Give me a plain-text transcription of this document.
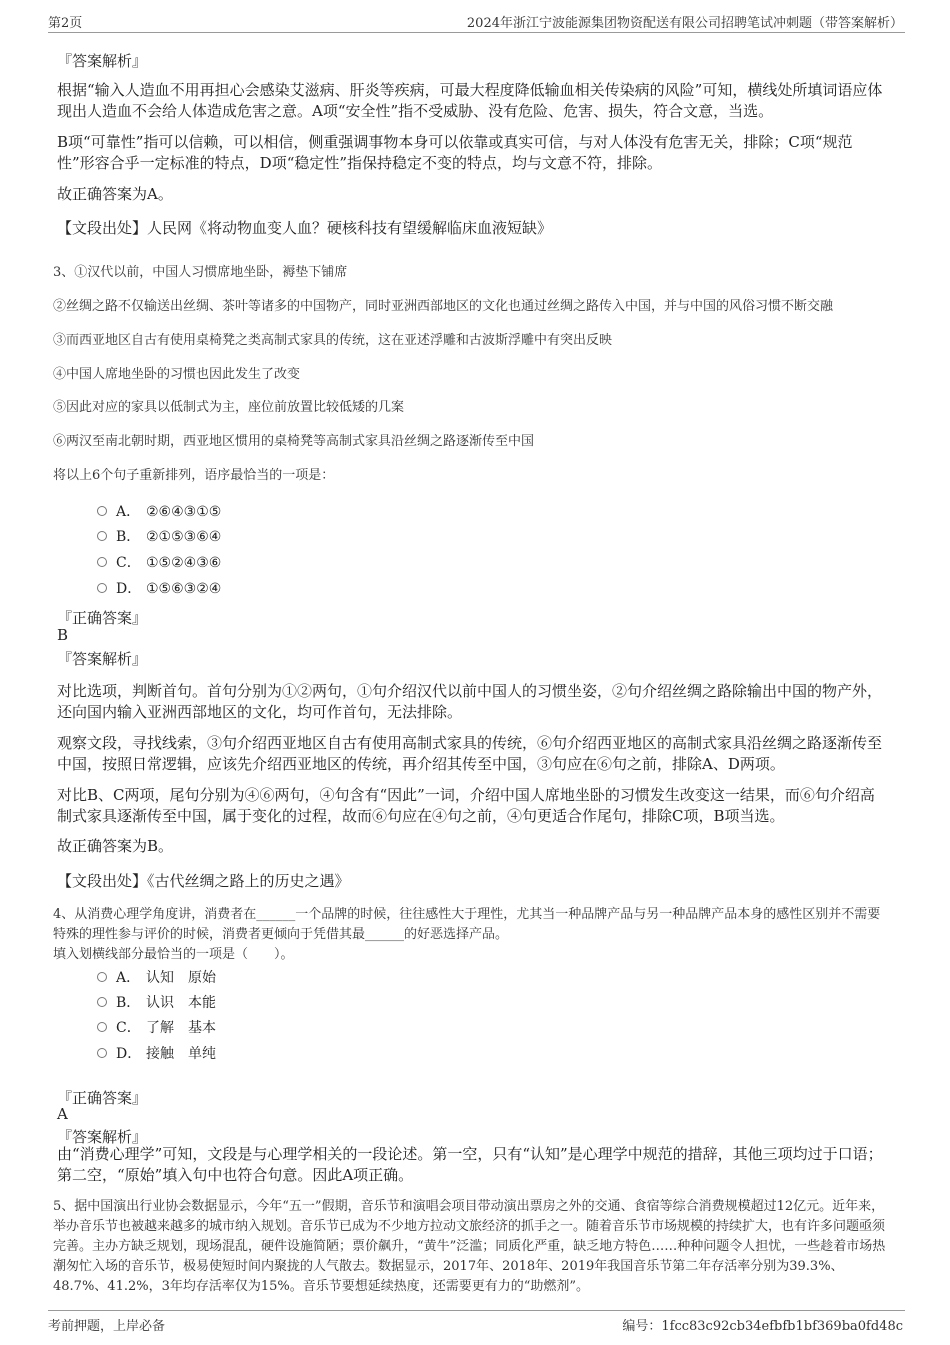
第2页	2024年浙江宁波能源集团物资配送有限公司招聘笔试冲刺题（带答案解析）
『答案解析』
根据“输入人造血不用再担心会感染艾滋病、肝炎等疾病，可最大程度降低输血相关传染病的风险”可知，横线处所填词语应体现出人造血不会给人体造成危害之意。A项“安全性”指不受威胁、没有危险、危害、损失，符合文意，当选。
B项“可靠性”指可以信赖，可以相信，侧重强调事物本身可以依靠或真实可信，与对人体没有危害无关，排除；C项“规范性”形容合乎一定标准的特点，D项“稳定性”指保持稳定不变的特点，均与文意不符，排除。
故正确答案为A。
【文段出处】人民网《将动物血变人血？硬核科技有望缓解临床血液短缺》
3、①汉代以前，中国人习惯席地坐卧，褥垫下铺席
②丝绸之路不仅输送出丝绸、茶叶等诸多的中国物产，同时亚洲西部地区的文化也通过丝绸之路传入中国，并与中国的风俗习惯不断交融
③而西亚地区自古有使用桌椅凳之类高制式家具的传统，这在亚述浮雕和古波斯浮雕中有突出反映
④中国人席地坐卧的习惯也因此发生了改变
⑤因此对应的家具以低制式为主，座位前放置比较低矮的几案
⑥两汉至南北朝时期，西亚地区惯用的桌椅凳等高制式家具沿丝绸之路逐渐传至中国
将以上6个句子重新排列，语序最恰当的一项是：
A． ②⑥④③①⑤
B． ②①⑤③⑥④
C． ①⑤②④③⑥
D． ①⑤⑥③②④
『正确答案』
B
『答案解析』
对比选项，判断首句。首句分别为①②两句，①句介绍汉代以前中国人的习惯坐姿，②句介绍丝绸之路除输出中国的物产外，还向国内输入亚洲西部地区的文化，均可作首句，无法排除。
观察文段，寻找线索，③句介绍西亚地区自古有使用高制式家具的传统，⑥句介绍西亚地区的高制式家具沿丝绸之路逐渐传至中国，按照日常逻辑，应该先介绍西亚地区的传统，再介绍其传至中国，③句应在⑥句之前，排除A、D两项。
对比B、C两项，尾句分别为④⑥两句，④句含有“因此”一词，介绍中国人席地坐卧的习惯发生改变这一结果，而⑥句介绍高制式家具逐渐传至中国，属于变化的过程，故而⑥句应在④句之前，④句更适合作尾句，排除C项，B项当选。
故正确答案为B。
【文段出处】《古代丝绸之路上的历史之遇》
4、从消费心理学角度讲，消费者在______一个品牌的时候，往往感性大于理性，尤其当一种品牌产品与另一种品牌产品本身的感性区别并不需要特殊的理性参与评价的时候，消费者更倾向于凭借其最______的好恶选择产品。
填入划横线部分最恰当的一项是（　　）。
A． 认知　原始
B． 认识　本能
C． 了解　基本
D． 接触　单纯
『正确答案』
A
『答案解析』
由“消费心理学”可知，文段是与心理学相关的一段论述。第一空，只有“认知”是心理学中规范的措辞，其他三项均过于口语；第二空，“原始”填入句中也符合句意。因此A项正确。
5、据中国演出行业协会数据显示，今年“五一”假期，音乐节和演唱会项目带动演出票房之外的交通、食宿等综合消费规模超过12亿元。近年来，举办音乐节也被越来越多的城市纳入规划。音乐节已成为不少地方拉动文旅经济的抓手之一。随着音乐节市场规模的持续扩大，也有许多问题亟须完善。主办方缺乏规划，现场混乱，硬件设施简陋；票价飙升，“黄牛”泛滥；同质化严重，缺乏地方特色……种种问题令人担忧，一些趁着市场热潮匆忙入场的音乐节，极易使短时间内聚拢的人气散去。数据显示，2017年、2018年、2019年我国音乐节第二年存活率分别为39.3%、48.7%、41.2%，3年均存活率仅为15%。音乐节要想延续热度，还需要更有力的“助燃剂”。
考前押题，上岸必备	编号：1fcc83c92cb34efbfb1bf369ba0fd48c
